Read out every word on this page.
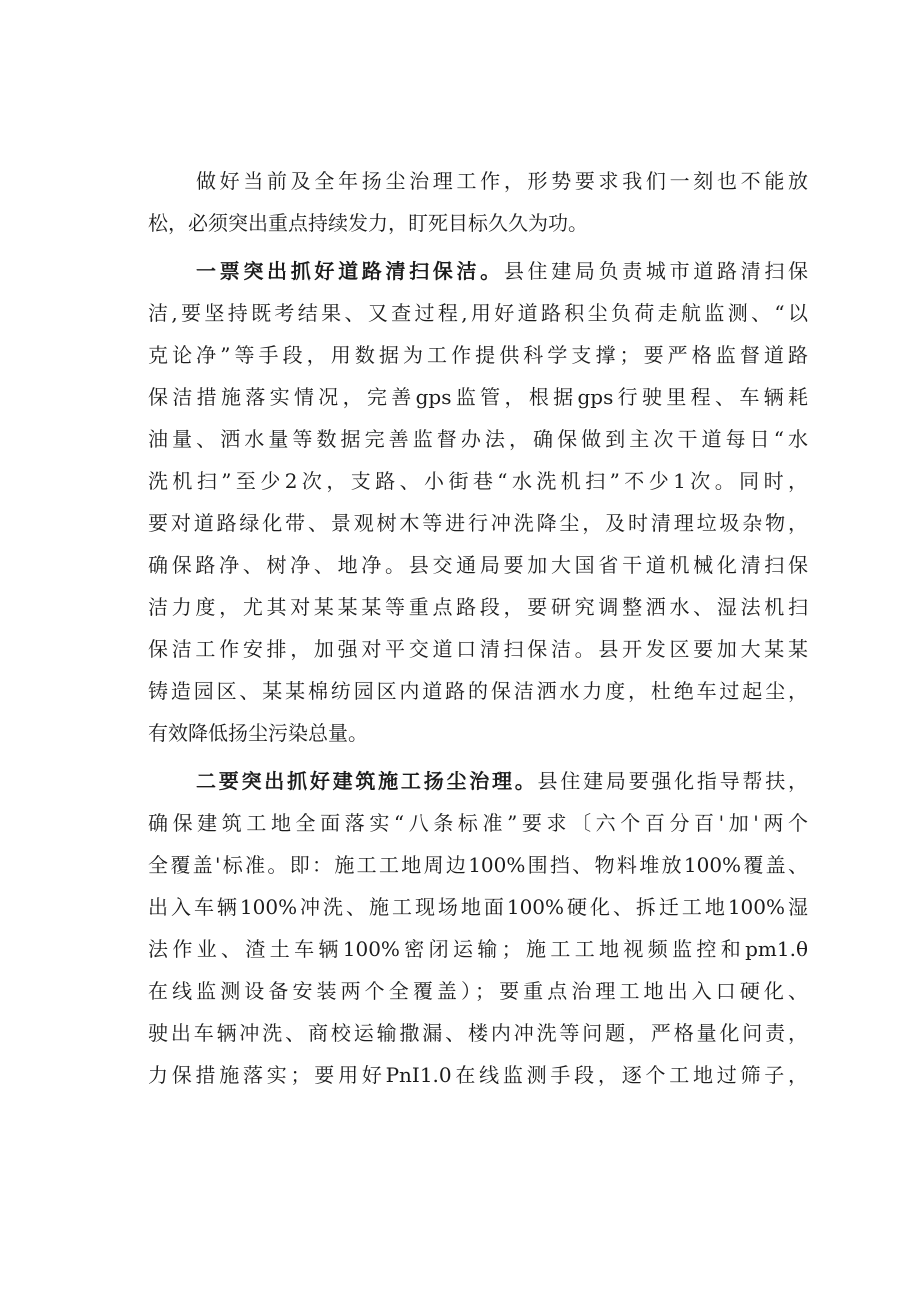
做好当前及全年扬尘治理工作，形势要求我们一刻也不能放
松，必须突出重点持续发力，盯死目标久久为功。
一票突出抓好道路清扫保洁。县住建局负责城市道路清扫保
洁,要坚持既考结果、又查过程,用好道路积尘负荷走航监测、“以
克论净”等手段，用数据为工作提供科学支撑；要严格监督道路
保洁措施落实情况，完善gps监管，根据gps行驶里程、车辆耗
油量、洒水量等数据完善监督办法，确保做到主次干道每日“水
洗机扫”至少2次，支路、小街巷“水洗机扫”不少1次。同时，
要对道路绿化带、景观树木等进行冲洗降尘，及时清理垃圾杂物，
确保路净、树净、地净。县交通局要加大国省干道机械化清扫保
洁力度，尤其对某某某等重点路段，要研究调整洒水、湿法机扫
保洁工作安排，加强对平交道口清扫保洁。县开发区要加大某某
铸造园区、某某棉纺园区内道路的保洁洒水力度，杜绝车过起尘，
有效降低扬尘污染总量。
二要突出抓好建筑施工扬尘治理。县住建局要强化指导帮扶，
确保建筑工地全面落实“八条标准”要求〔六个百分百'加'两个
全覆盖'标准。即：施工工地周边100%围挡、物料堆放100%覆盖、
出入车辆100%冲洗、施工现场地面100%硬化、拆迁工地100%湿
法作业、渣土车辆100%密闭运输；施工工地视频监控和pm1.θ
在线监测设备安装两个全覆盖）；要重点治理工地出入口硬化、
驶出车辆冲洗、商校运输撒漏、楼内冲洗等问题，严格量化问责，
力保措施落实；要用好PnI1.0在线监测手段，逐个工地过筛子，
